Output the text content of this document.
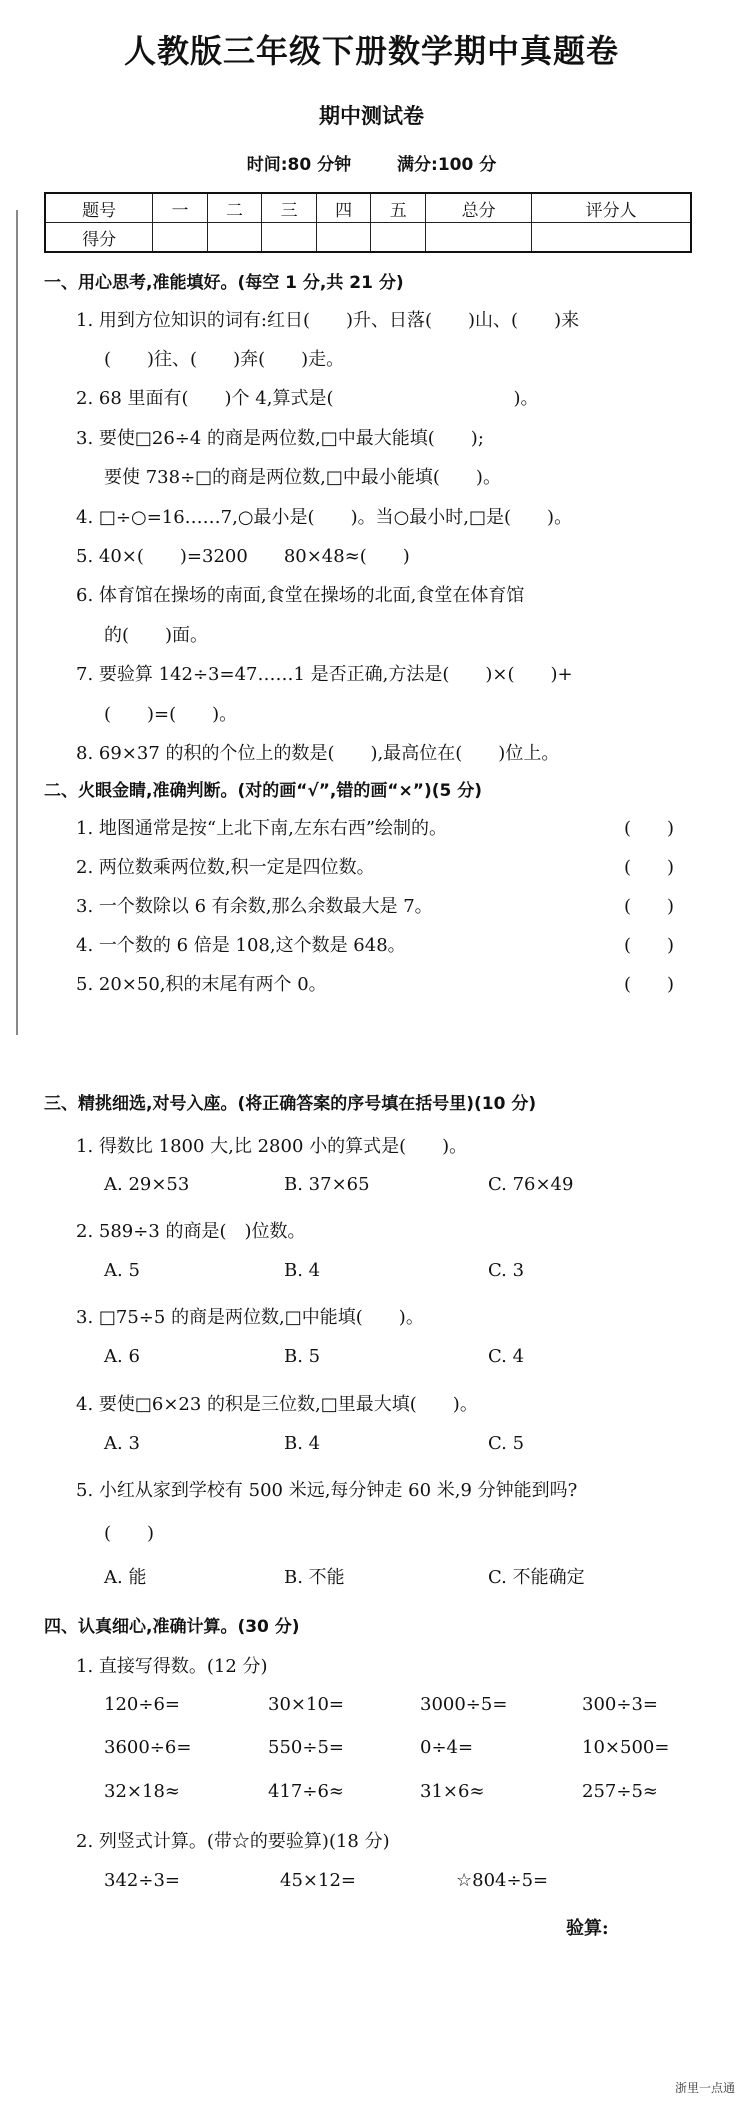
人教版三年级下册数学期中真题卷
期中测试卷
时间:80 分钟	满分:100 分
题号	一	二	三	四	五	总分	评分人
得分							
一、用心思考,准能填好。(每空 1 分,共 21 分)
1. 用到方位知识的词有:红日(　　)升、日落(　　)山、(　　)来
(　　)往、(　　)奔(　　)走。
2. 68 里面有(　　)个 4,算式是(　　　　　　　　　　)。
3. 要使□26÷4 的商是两位数,□中最大能填(　　);
要使 738÷□的商是两位数,□中最小能填(　　)。
4. □÷○=16……7,○最小是(　　)。当○最小时,□是(　　)。
5. 40×(　　)=3200　　80×48≈(　　)
6. 体育馆在操场的南面,食堂在操场的北面,食堂在体育馆
的(　　)面。
7. 要验算 142÷3=47……1 是否正确,方法是(　　)×(　　)+
(　　)=(　　)。
8. 69×37 的积的个位上的数是(　　),最高位在(　　)位上。
二、火眼金睛,准确判断。(对的画“√”,错的画“×”)(5 分)
1. 地图通常是按“上北下南,左东右西”绘制的。	(　　)
2. 两位数乘两位数,积一定是四位数。	(　　)
3. 一个数除以 6 有余数,那么余数最大是 7。	(　　)
4. 一个数的 6 倍是 108,这个数是 648。	(　　)
5. 20×50,积的末尾有两个 0。	(　　)
三、精挑细选,对号入座。(将正确答案的序号填在括号里)(10 分)
1. 得数比 1800 大,比 2800 小的算式是(　　)。
A. 29×53	B. 37×65	C. 76×49
2. 589÷3 的商是(　)位数。
A. 5	B. 4	C. 3
3. □75÷5 的商是两位数,□中能填(　　)。
A. 6	B. 5	C. 4
4. 要使□6×23 的积是三位数,□里最大填(　　)。
A. 3	B. 4	C. 5
5. 小红从家到学校有 500 米远,每分钟走 60 米,9 分钟能到吗?
(　　)
A. 能	B. 不能	C. 不能确定
四、认真细心,准确计算。(30 分)
1. 直接写得数。(12 分)
120÷6=	30×10=	3000÷5=	300÷3=
3600÷6=	550÷5=	0÷4=	10×500=
32×18≈	417÷6≈	31×6≈	257÷5≈
2. 列竖式计算。(带☆的要验算)(18 分)
342÷3=	45×12=	☆804÷5=
验算:
浙里一点通
